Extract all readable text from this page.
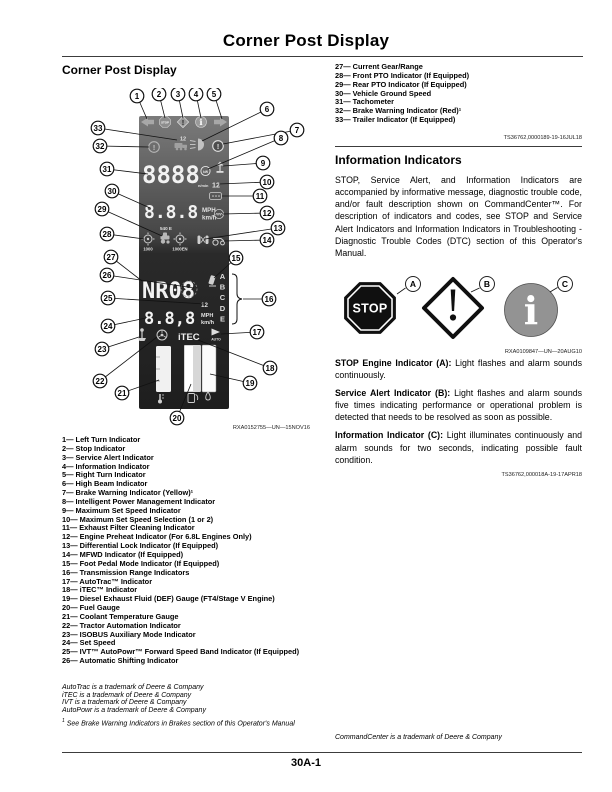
Corner Post Display
Corner Post Display
STOP ! i
!
12
!
8888 kW
n/min 12
8.8.8 MPH
km/h
540 E
1000	1000EN
NR08
A
B
C
D
E
12
8.8,8 MPH
km/h
iTEC	AUTO
1 2 3 4 5
6
7
8
9
10
11
12
13
14
15
16
17
18
19
20
21
22
23
24
25
26
27
28
29
30
31
32
33
RXA0152755—UN—15NOV16
1— Left Turn Indicator
2— Stop Indicator
3— Service Alert Indicator
4— Information Indicator
5— Right Turn Indicator
6— High Beam Indicator
7— Brake Warning Indicator (Yellow)¹
8— Intelligent Power Management Indicator
9— Maximum Set Speed Indicator
10— Maximum Set Speed Selection (1 or 2)
11— Exhaust Filter Cleaning Indicator
12— Engine Preheat Indicator (For 6.8L Engines Only)
13— Differential Lock Indicator (If Equipped)
14— MFWD Indicator (If Equipped)
15— Foot Pedal Mode Indicator (If Equipped)
16— Transmission Range Indicators
17— AutoTrac™ Indicator
18— iTEC™ Indicator
19— Diesel Exhaust Fluid (DEF) Gauge (FT4/Stage V Engine)
20— Fuel Gauge
21— Coolant Temperature Gauge
22— Tractor Automation Indicator
23— ISOBUS Auxiliary Mode Indicator
24— Set Speed
25— IVT™ AutoPowr™ Forward Speed Band Indicator (If Equipped)
26— Automatic Shifting Indicator
AutoTrac is a trademark of Deere & Company
iTEC is a trademark of Deere & Company
IVT is a trademark of Deere & Company
AutoPowr is a trademark of Deere & Company
$^1$ See Brake Warning Indicators in Brakes section of this Operator's Manual
27— Current Gear/Range
28— Front PTO Indicator (If Equipped)
29— Rear PTO Indicator (If Equipped)
30— Vehicle Ground Speed
31— Tachometer
32— Brake Warning Indicator (Red)¹
33— Trailer Indicator (If Equipped)
TS36762,0000189-19-16JUL18
Information Indicators

STOP, Service Alert, and Information Indicators are accompanied by informative message, diagnostic trouble code, and/or fault description shown on CommandCenter™. For description of indicators and codes, see STOP and Service Alert Indicators and Information Indicators in Troubleshooting - Diagnostic Trouble Codes (DTC) section of this Operator's Manual.

STOP
A	B
i
C
RXA0109847—UN—20AUG10

STOP Engine Indicator (A): Light flashes and alarm sounds continuously.

Service Alert Indicator (B): Light flashes and alarm sounds five times indicating performance or operational problem is detected that needs to be resolved as soon as possible.

Information Indicator (C): Light illuminates continuously and alarm sounds for two seconds, indicating possible fault condition.

TS36762,000018A-19-17APR18
CommandCenter is a trademark of Deere & Company
30A-1
